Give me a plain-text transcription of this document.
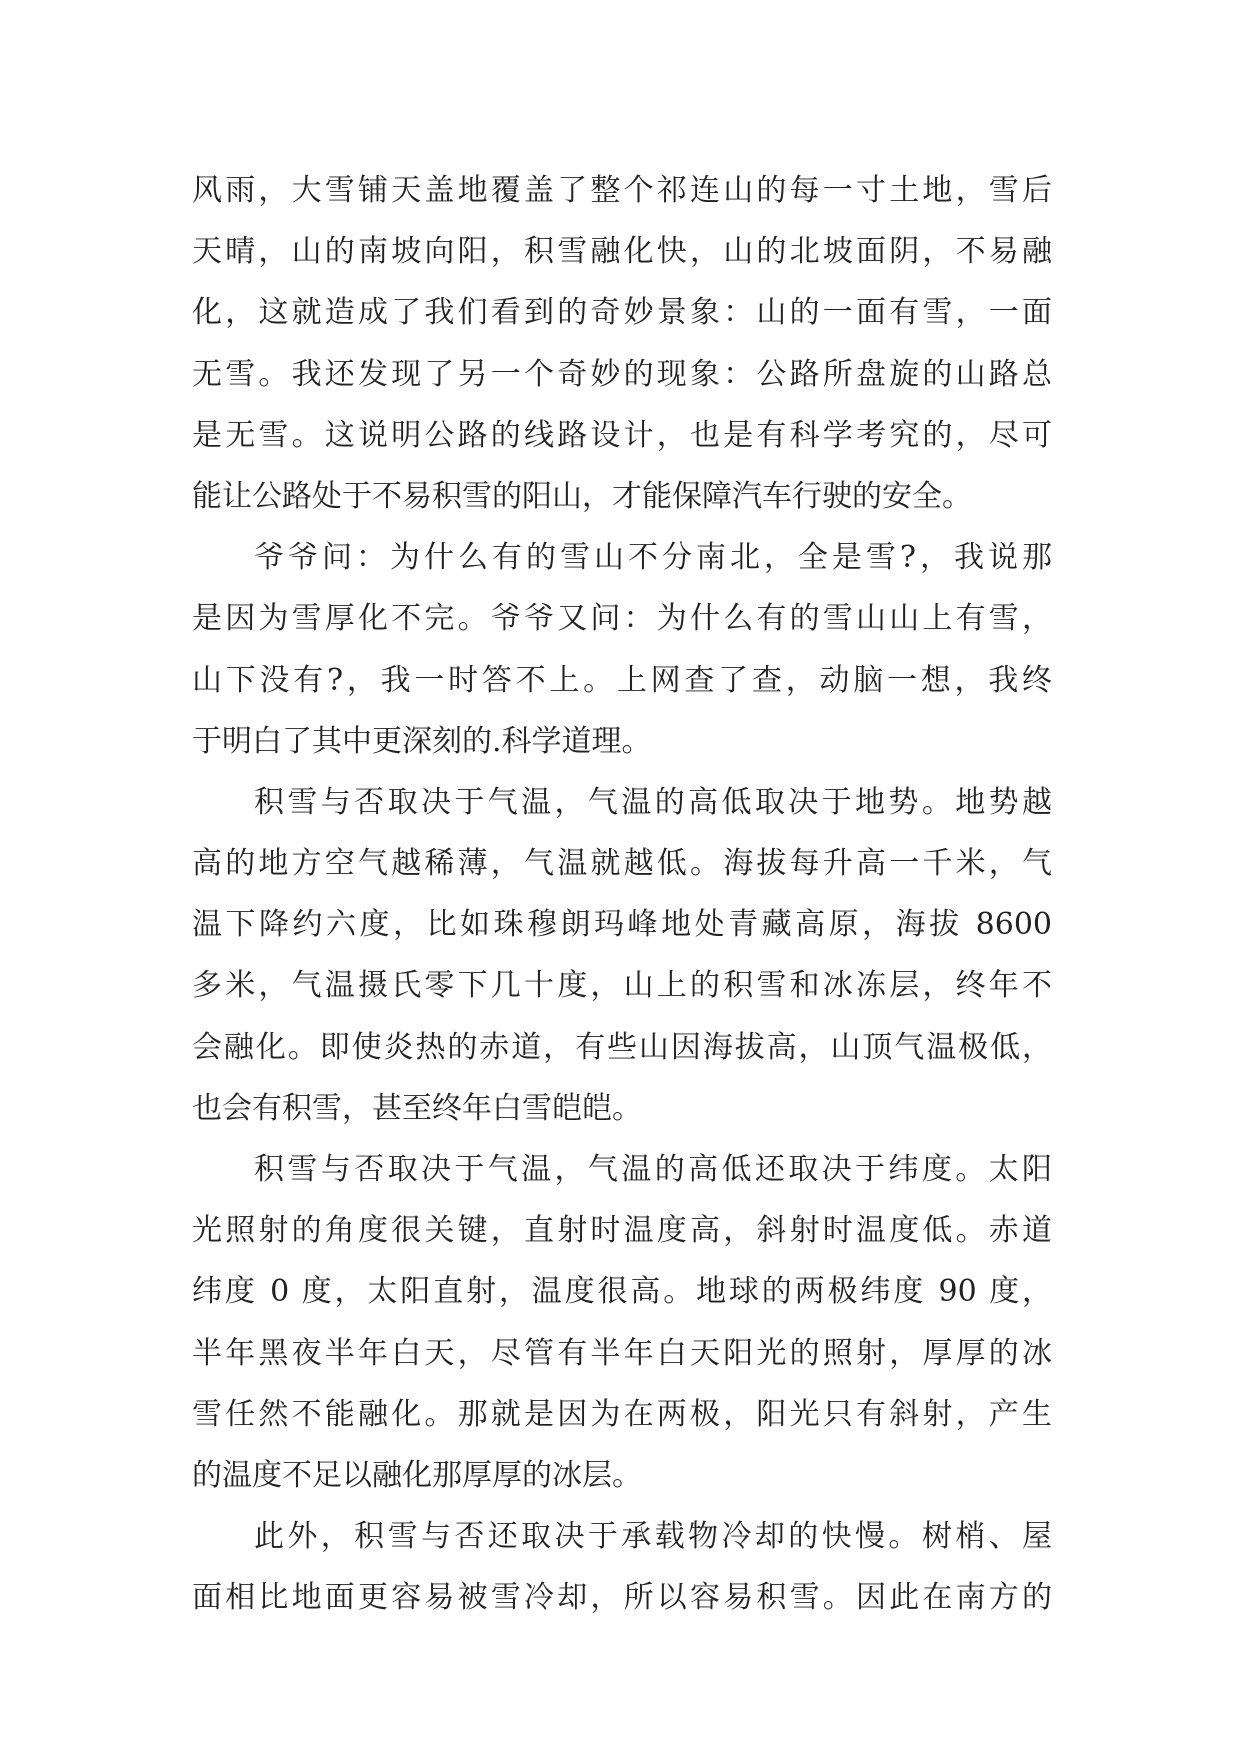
风雨，大雪铺天盖地覆盖了整个祁连山的每一寸土地，雪后
天晴，山的南坡向阳，积雪融化快，山的北坡面阴，不易融
化，这就造成了我们看到的奇妙景象：山的一面有雪，一面
无雪。我还发现了另一个奇妙的现象：公路所盘旋的山路总
是无雪。这说明公路的线路设计，也是有科学考究的，尽可
能让公路处于不易积雪的阳山，才能保障汽车行驶的安全。
爷爷问：为什么有的雪山不分南北，全是雪?，我说那
是因为雪厚化不完。爷爷又问：为什么有的雪山山上有雪，
山下没有?，我一时答不上。上网查了查，动脑一想，我终
于明白了其中更深刻的.科学道理。
积雪与否取决于气温，气温的高低取决于地势。地势越
高的地方空气越稀薄，气温就越低。海拔每升高一千米，气
温下降约六度，比如珠穆朗玛峰地处青藏高原，海拔 8600
多米，气温摄氏零下几十度，山上的积雪和冰冻层，终年不
会融化。即使炎热的赤道，有些山因海拔高，山顶气温极低，
也会有积雪，甚至终年白雪皑皑。
积雪与否取决于气温，气温的高低还取决于纬度。太阳
光照射的角度很关键，直射时温度高，斜射时温度低。赤道
纬度 0 度，太阳直射，温度很高。地球的两极纬度 90 度，
半年黑夜半年白天，尽管有半年白天阳光的照射，厚厚的冰
雪任然不能融化。那就是因为在两极，阳光只有斜射，产生
的温度不足以融化那厚厚的冰层。
此外，积雪与否还取决于承载物冷却的快慢。树梢、屋
面相比地面更容易被雪冷却，所以容易积雪。因此在南方的
